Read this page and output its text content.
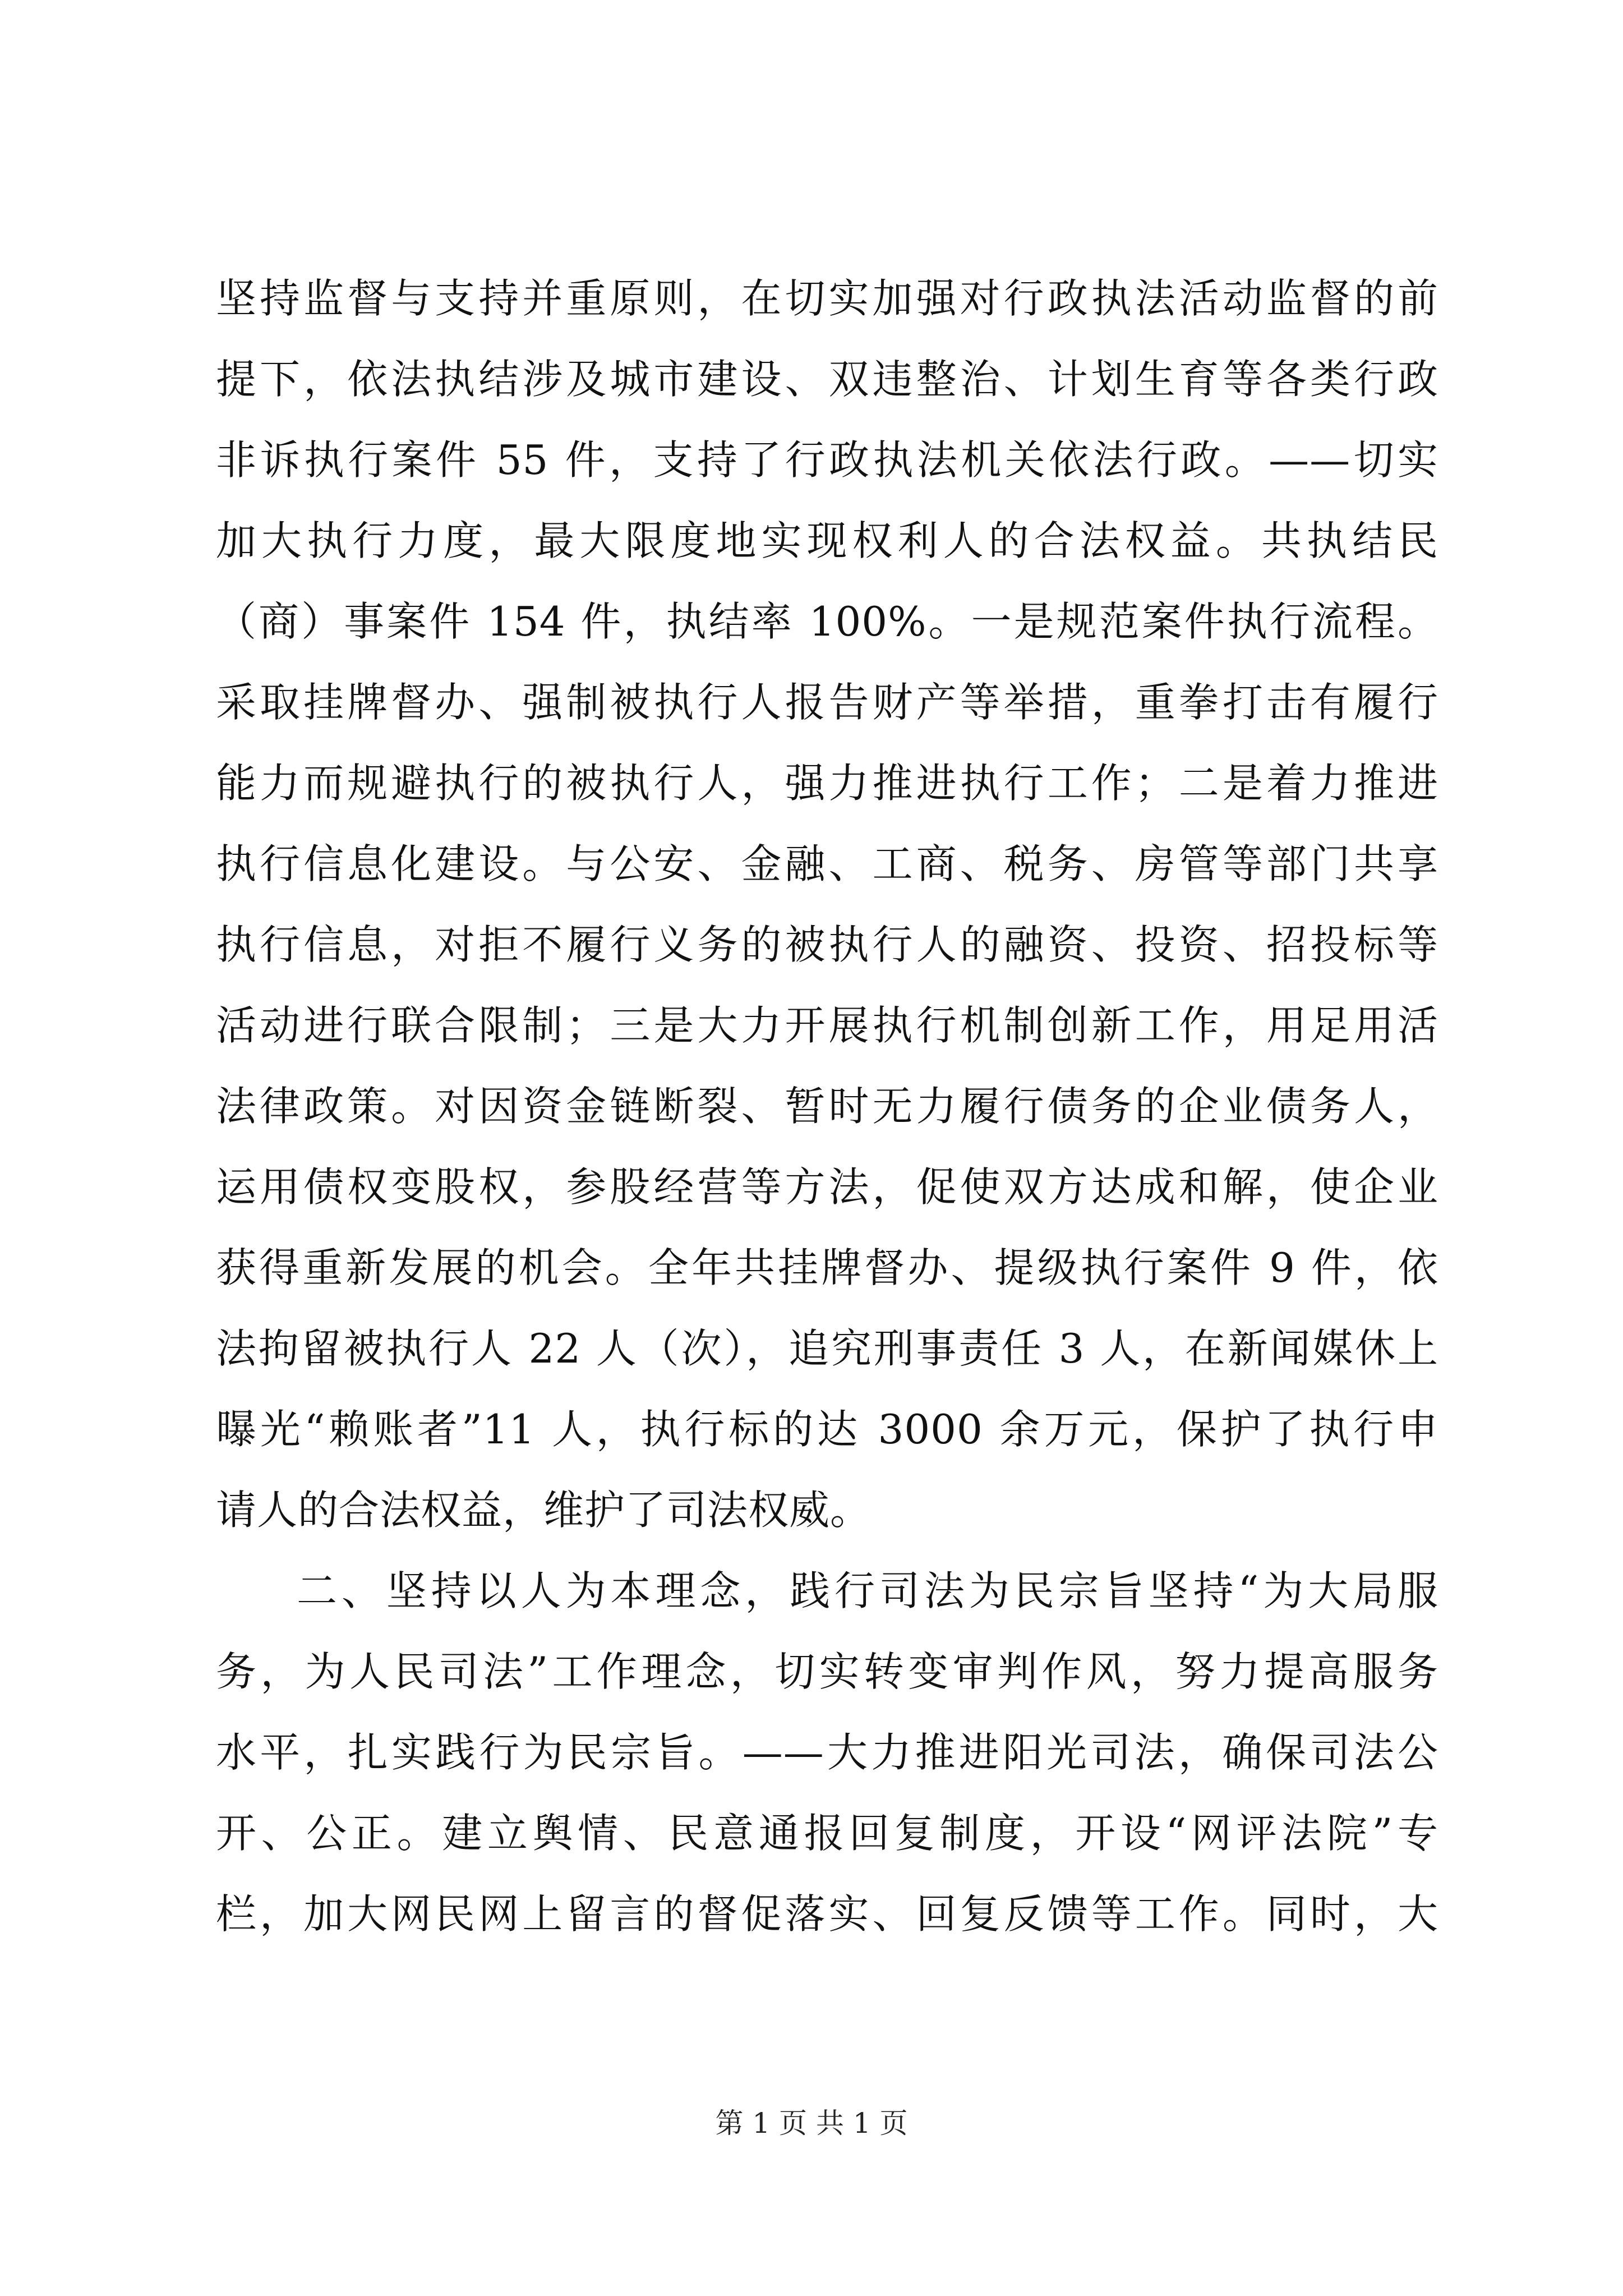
坚持监督与支持并重原则，在切实加强对行政执法活动监督的前
提下，依法执结涉及城市建设、双违整治、计划生育等各类行政
非诉执行案件 55 件，支持了行政执法机关依法行政。——切实
加大执行力度，最大限度地实现权利人的合法权益。共执结民
（商）事案件 154 件，执结率 100%。一是规范案件执行流程。
采取挂牌督办、强制被执行人报告财产等举措，重拳打击有履行
能力而规避执行的被执行人，强力推进执行工作；二是着力推进
执行信息化建设。与公安、金融、工商、税务、房管等部门共享
执行信息，对拒不履行义务的被执行人的融资、投资、招投标等
活动进行联合限制；三是大力开展执行机制创新工作，用足用活
法律政策。对因资金链断裂、暂时无力履行债务的企业债务人，
运用债权变股权，参股经营等方法，促使双方达成和解，使企业
获得重新发展的机会。全年共挂牌督办、提级执行案件 9 件，依
法拘留被执行人 22 人（次），追究刑事责任 3 人，在新闻媒休上
曝光“赖账者”11 人，执行标的达 3000 余万元，保护了执行申
请人的合法权益，维护了司法权威。
二、坚持以人为本理念，践行司法为民宗旨坚持“为大局服
务，为人民司法”工作理念，切实转变审判作风，努力提高服务
水平，扎实践行为民宗旨。——大力推进阳光司法，确保司法公
开、公正。建立舆情、民意通报回复制度，开设“网评法院”专
栏，加大网民网上留言的督促落实、回复反馈等工作。同时，大
第 1 页 共 1 页
